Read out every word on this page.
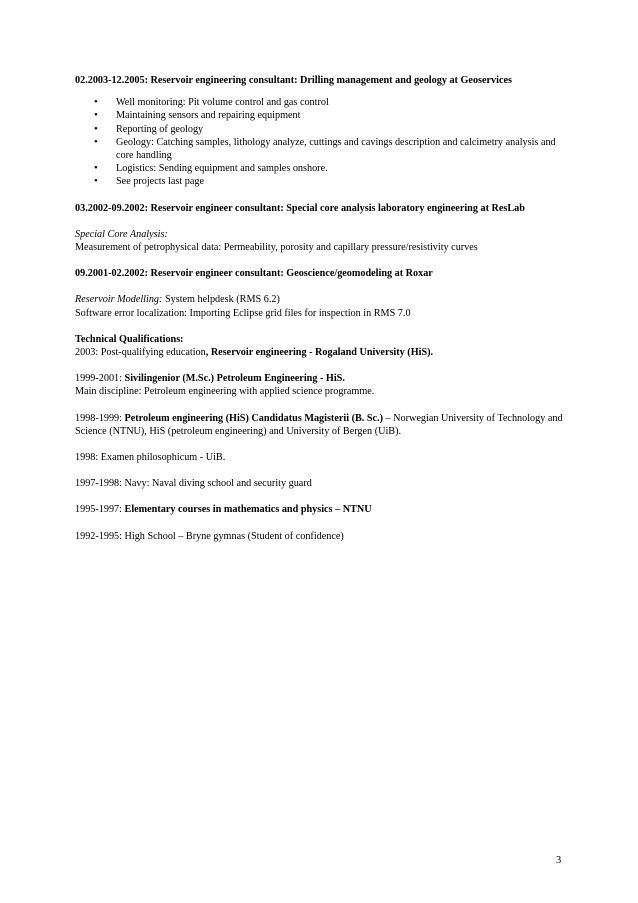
02.2003-12.2005: Reservoir engineering consultant: Drilling management and geology at Geoservices

• Well monitoring: Pit volume control and gas control
• Maintaining sensors and repairing equipment
• Reporting of geology
• Geology: Catching samples, lithology analyze, cuttings and cavings description and calcimetry analysis and core handling
• Logistics: Sending equipment and samples onshore.
• See projects last page

03.2002-09.2002: Reservoir engineer consultant: Special core analysis laboratory engineering at ResLab

Special Core Analysis:

Measurement of petrophysical data: Permeability, porosity and capillary pressure/resistivity curves

09.2001-02.2002: Reservoir engineer consultant: Geoscience/geomodeling at Roxar

Reservoir Modelling: System helpdesk (RMS 6.2)

Software error localization: Importing Eclipse grid files for inspection in RMS 7.0

Technical Qualifications:

2003: Post-qualifying education, Reservoir engineering - Rogaland University (HiS).

1999-2001: Sivilingenior (M.Sc.) Petroleum Engineering - HiS.

Main discipline: Petroleum engineering with applied science programme.

1998-1999: Petroleum engineering (HiS) Candidatus Magisterii (B. Sc.) – Norwegian University of Technology and Science (NTNU), HiS (petroleum engineering) and University of Bergen (UiB).

1998: Examen philosophicum - UiB.

1997-1998: Navy: Naval diving school and security guard

1995-1997: Elementary courses in mathematics and physics – NTNU

1992-1995: High School – Bryne gymnas (Student of confidence)

3
